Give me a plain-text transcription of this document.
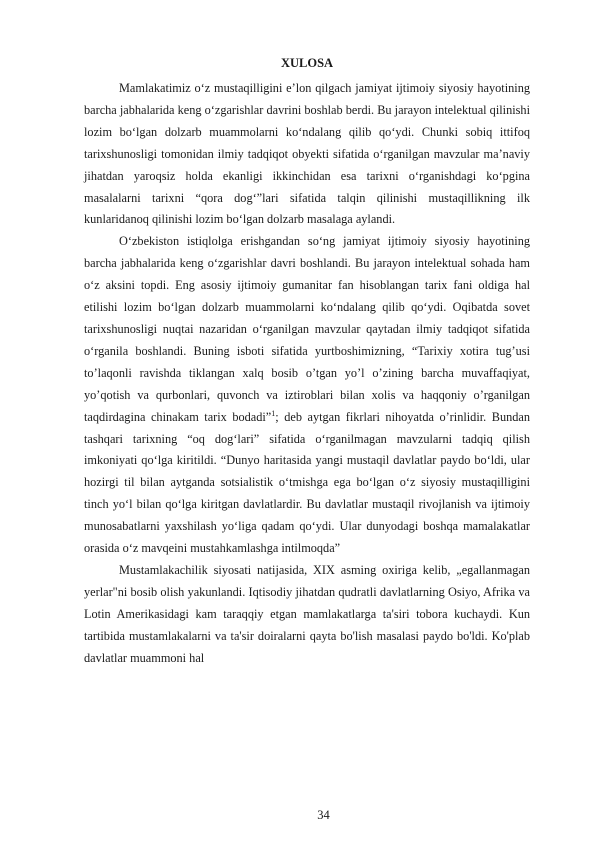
XULOSA

Mamlakatimiz o‘z mustaqilligini e’lon qilgach jamiyat ijtimoiy siyosiy hayotining barcha jabhalarida keng o‘zgarishlar davrini boshlab berdi. Bu jarayon intelektual qilinishi lozim bo‘lgan dolzarb muammolarni ko‘ndalang qilib qo‘ydi. Chunki sobiq ittifoq tarixshunosligi tomonidan ilmiy tadqiqot obyekti sifatida o‘rganilgan mavzular ma’naviy jihatdan yaroqsiz holda ekanligi ikkinchidan esa tarixni o‘rganishdagi ko‘pgina masalalarni tarixni “qora dog‘”lari sifatida talqin qilinishi mustaqillikning ilk kunlaridanoq qilinishi lozim bo‘lgan dolzarb masalaga aylandi.

O‘zbekiston istiqlolga erishgandan so‘ng jamiyat ijtimoiy siyosiy hayotining barcha jabhalarida keng o‘zgarishlar davri boshlandi. Bu jarayon intelektual sohada ham o‘z aksini topdi. Eng asosiy ijtimoiy gumanitar fan hisoblangan tarix fani oldiga hal etilishi lozim bo‘lgan dolzarb muammolarni ko‘ndalang qilib qo‘ydi. Oqibatda sovet tarixshunosligi nuqtai nazaridan o‘rganilgan mavzular qaytadan ilmiy tadqiqot sifatida o‘rganila boshlandi. Buning isboti sifatida yurtboshimizning, “Tarixiy xotira tug’usi to’laqonli ravishda tiklangan xalq bosib o’tgan yo’l o’zining barcha muvaffaqiyat, yo’qotish va qurbonlari, quvonch va iztiroblari bilan xolis va haqqoniy o’rganilgan taqdirdagina chinakam tarix bodadi”$^1$; deb aytgan fikrlari nihoyatda o’rinlidir. Bundan tashqari tarixning “oq dog‘lari” sifatida o‘rganilmagan mavzularni tadqiq qilish imkoniyati qo‘lga kiritildi. “Dunyo haritasida yangi mustaqil davlatlar paydo bo‘ldi, ular hozirgi til bilan aytganda sotsialistik o‘tmishga ega bo‘lgan o‘z siyosiy mustaqilligini tinch yo‘l bilan qo‘lga kiritgan davlatlardir. Bu davlatlar mustaqil rivojlanish va ijtimoiy munosabatlarni yaxshilash yo‘liga qadam qo‘ydi. Ular dunyodagi boshqa mamalakatlar orasida o‘z mavqeini mustahkamlashga intilmoqda”

Mustamlakachilik siyosati natijasida, XIX asming oxiriga kelib, „egallanmagan yerlar"ni bosib olish yakunlandi. Iqtisodiy jihatdan qudratli davlatlarning Osiyo, Afrika va Lotin Amerikasidagi kam taraqqiy etgan mamlakatlarga ta'siri tobora kuchaydi. Kun tartibida mustamlakalarni va ta'sir doiralarni qayta bo'lish masalasi paydo bo'ldi. Ko'plab davlatlar muammoni hal

34
